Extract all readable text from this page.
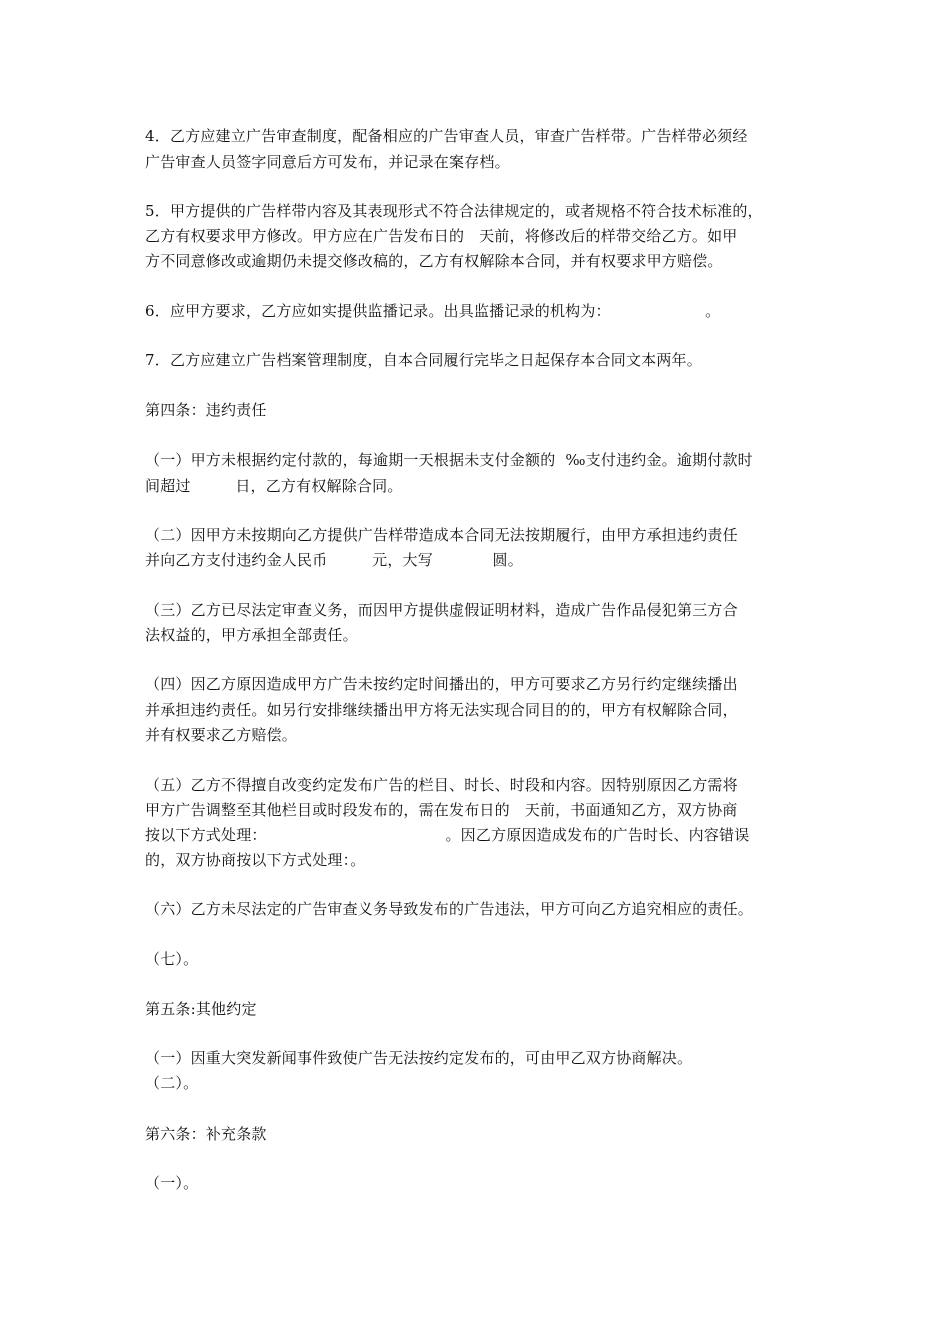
4．乙方应建立广告审查制度，配备相应的广告审查人员，审查广告样带。广告样带必须经
广告审查人员签字同意后方可发布，并记录在案存档。
5．甲方提供的广告样带内容及其表现形式不符合法律规定的，或者规格不符合技术标准的，
乙方有权要求甲方修改。甲方应在广告发布日的   天前，将修改后的样带交给乙方。如甲
方不同意修改或逾期仍未提交修改稿的，乙方有权解除本合同，并有权要求甲方赔偿。
6．应甲方要求，乙方应如实提供监播记录。出具监播记录的机构为：                   。
7．乙方应建立广告档案管理制度，自本合同履行完毕之日起保存本合同文本两年。
第四条：违约责任
（一）甲方未根据约定付款的，每逾期一天根据未支付金额的  ‰支付违约金。逾期付款时
间超过         日，乙方有权解除合同。
（二）因甲方未按期向乙方提供广告样带造成本合同无法按期履行，由甲方承担违约责任
并向乙方支付违约金人民币         元，大写            圆。
（三）乙方已尽法定审查义务，而因甲方提供虚假证明材料，造成广告作品侵犯第三方合
法权益的，甲方承担全部责任。
（四）因乙方原因造成甲方广告未按约定时间播出的，甲方可要求乙方另行约定继续播出
并承担违约责任。如另行安排继续播出甲方将无法实现合同目的的，甲方有权解除合同，
并有权要求乙方赔偿。
（五）乙方不得擅自改变约定发布广告的栏目、时长、时段和内容。因特别原因乙方需将
甲方广告调整至其他栏目或时段发布的，需在发布日的   天前，书面通知乙方，双方协商
按以下方式处理：                                    。因乙方原因造成发布的广告时长、内容错误
的，双方协商按以下方式处理：。
（六）乙方未尽法定的广告审查义务导致发布的广告违法，甲方可向乙方追究相应的责任。
（七）。
第五条:其他约定
（一）因重大突发新闻事件致使广告无法按约定发布的，可由甲乙双方协商解决。
（二）。
第六条：补充条款
（一）。
